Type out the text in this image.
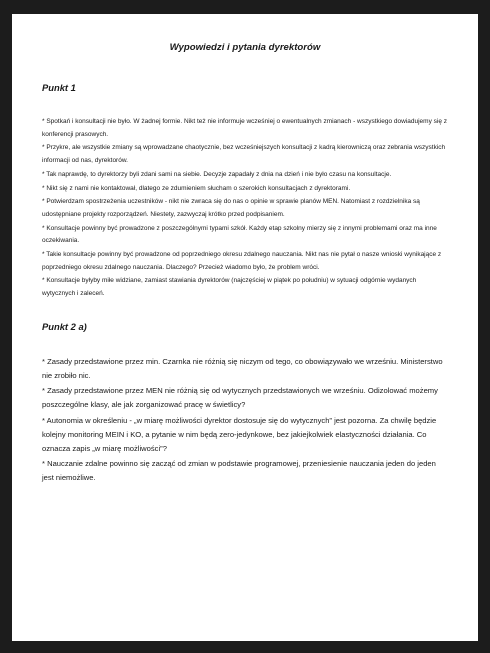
Wypowiedzi i pytania dyrektorów
Punkt 1
* Spotkań i konsultacji nie było. W żadnej formie. Nikt też nie informuje wcześniej o ewentualnych zmianach - wszystkiego dowiadujemy się z konferencji prasowych.
* Przykre, ale wszystkie zmiany są wprowadzane chaotycznie, bez wcześniejszych konsultacji z kadrą kierowniczą oraz zebrania wszystkich informacji od nas, dyrektorów.
* Tak naprawdę, to dyrektorzy byli zdani sami na siebie. Decyzje zapadały z dnia na dzień i nie było czasu na konsultacje.
* Nikt się z nami nie kontaktował, dlatego ze zdumieniem słucham o szerokich konsultacjach z dyrektorami.
* Potwierdzam spostrzeżenia uczestników - nikt nie zwraca się do nas o opinie w sprawie planów MEN. Natomiast z rozdzielnika są udostępniane projekty rozporządzeń. Niestety, zazwyczaj krótko przed podpisaniem.
* Konsultacje powinny być prowadzone z poszczególnymi typami szkół. Każdy etap szkolny mierzy się z innymi problemami oraz ma inne oczekiwania.
* Takie konsultacje powinny być prowadzone od poprzedniego okresu zdalnego nauczania. Nikt nas nie pytał o nasze wnioski wynikające z poprzedniego okresu zdalnego nauczania. Dlaczego? Przecież wiadomo było, że problem wróci.
* Konsultacje byłyby miłe widziane, zamiast stawiania dyrektorów (najczęściej w piątek po południu) w sytuacji odgórnie wydanych wytycznych i zaleceń.
Punkt 2 a)
* Zasady przedstawione przez min. Czarnka nie różnią się niczym od tego, co obowiązywało we wrześniu. Ministerstwo nie zrobiło nic.
* Zasady przedstawione przez MEN nie różnią się od wytycznych przedstawionych we wrześniu. Odizolować możemy poszczególne klasy, ale jak zorganizować pracę w świetlicy?
* Autonomia w określeniu - „w miarę możliwości dyrektor dostosuje się do wytycznych” jest pozorna. Za chwilę będzie kolejny monitoring MEIN i KO, a pytanie w nim będą zero-jedynkowe, bez jakiejkolwiek elastyczności działania. Co oznacza zapis „w miarę możliwości”?
* Nauczanie zdalne powinno się zacząć od zmian w podstawie programowej, przeniesienie nauczania jeden do jeden jest niemożliwe.
